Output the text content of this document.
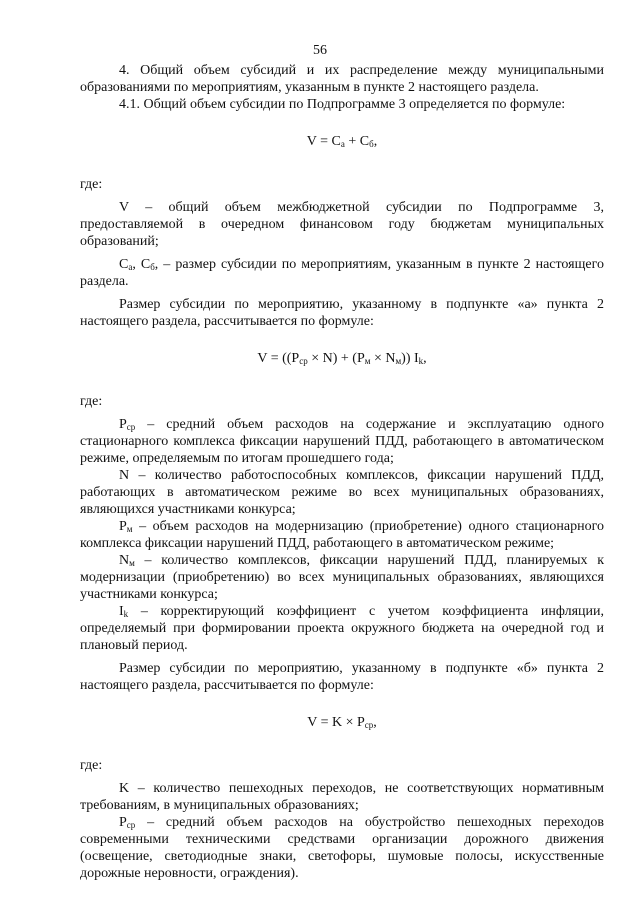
56

4. Общий объем субсидий и их распределение между муниципальными образованиями по мероприятиям, указанным в пункте 2 настоящего раздела.

4.1. Общий объем субсидии по Подпрограмме 3 определяется по формуле:

$V = C_а + C_б$,

где:

V – общий объем межбюджетной субсидии по Подпрограмме 3, предоставляемой в очередном финансовом году бюджетам муниципальных образований;

$C_а$, $C_б$, – размер субсидии по мероприятиям, указанным в пункте 2 настоящего раздела.

Размер субсидии по мероприятию, указанному в подпункте «а» пункта 2 настоящего раздела, рассчитывается по формуле:

$V = ((P_{ср} \times N) + (P_м \times N_м))$ $I_k$,

где:

$P_{ср}$ – средний объем расходов на содержание и эксплуатацию одного стационарного комплекса фиксации нарушений ПДД, работающего в автоматическом режиме, определяемым по итогам прошедшего года;

N – количество работоспособных комплексов, фиксации нарушений ПДД, работающих в автоматическом режиме во всех муниципальных образованиях, являющихся участниками конкурса;

$P_м$ – объем расходов на модернизацию (приобретение) одного стационарного комплекса фиксации нарушений ПДД, работающего в автоматическом режиме;

$N_м$ – количество комплексов, фиксации нарушений ПДД, планируемых к модернизации (приобретению) во всех муниципальных образованиях, являющихся участниками конкурса;

$I_k$ – корректирующий коэффициент с учетом коэффициента инфляции, определяемый при формировании проекта окружного бюджета на очередной год и плановый период.

Размер субсидии по мероприятию, указанному в подпункте «б» пункта 2 настоящего раздела, рассчитывается по формуле:

$V = K \times P_{ср}$,

где:

K – количество пешеходных переходов, не соответствующих нормативным требованиям, в муниципальных образованиях;

$P_{ср}$ – средний объем расходов на обустройство пешеходных переходов современными техническими средствами организации дорожного движения (освещение, светодиодные знаки, светофоры, шумовые полосы, искусственные дорожные неровности, ограждения).
